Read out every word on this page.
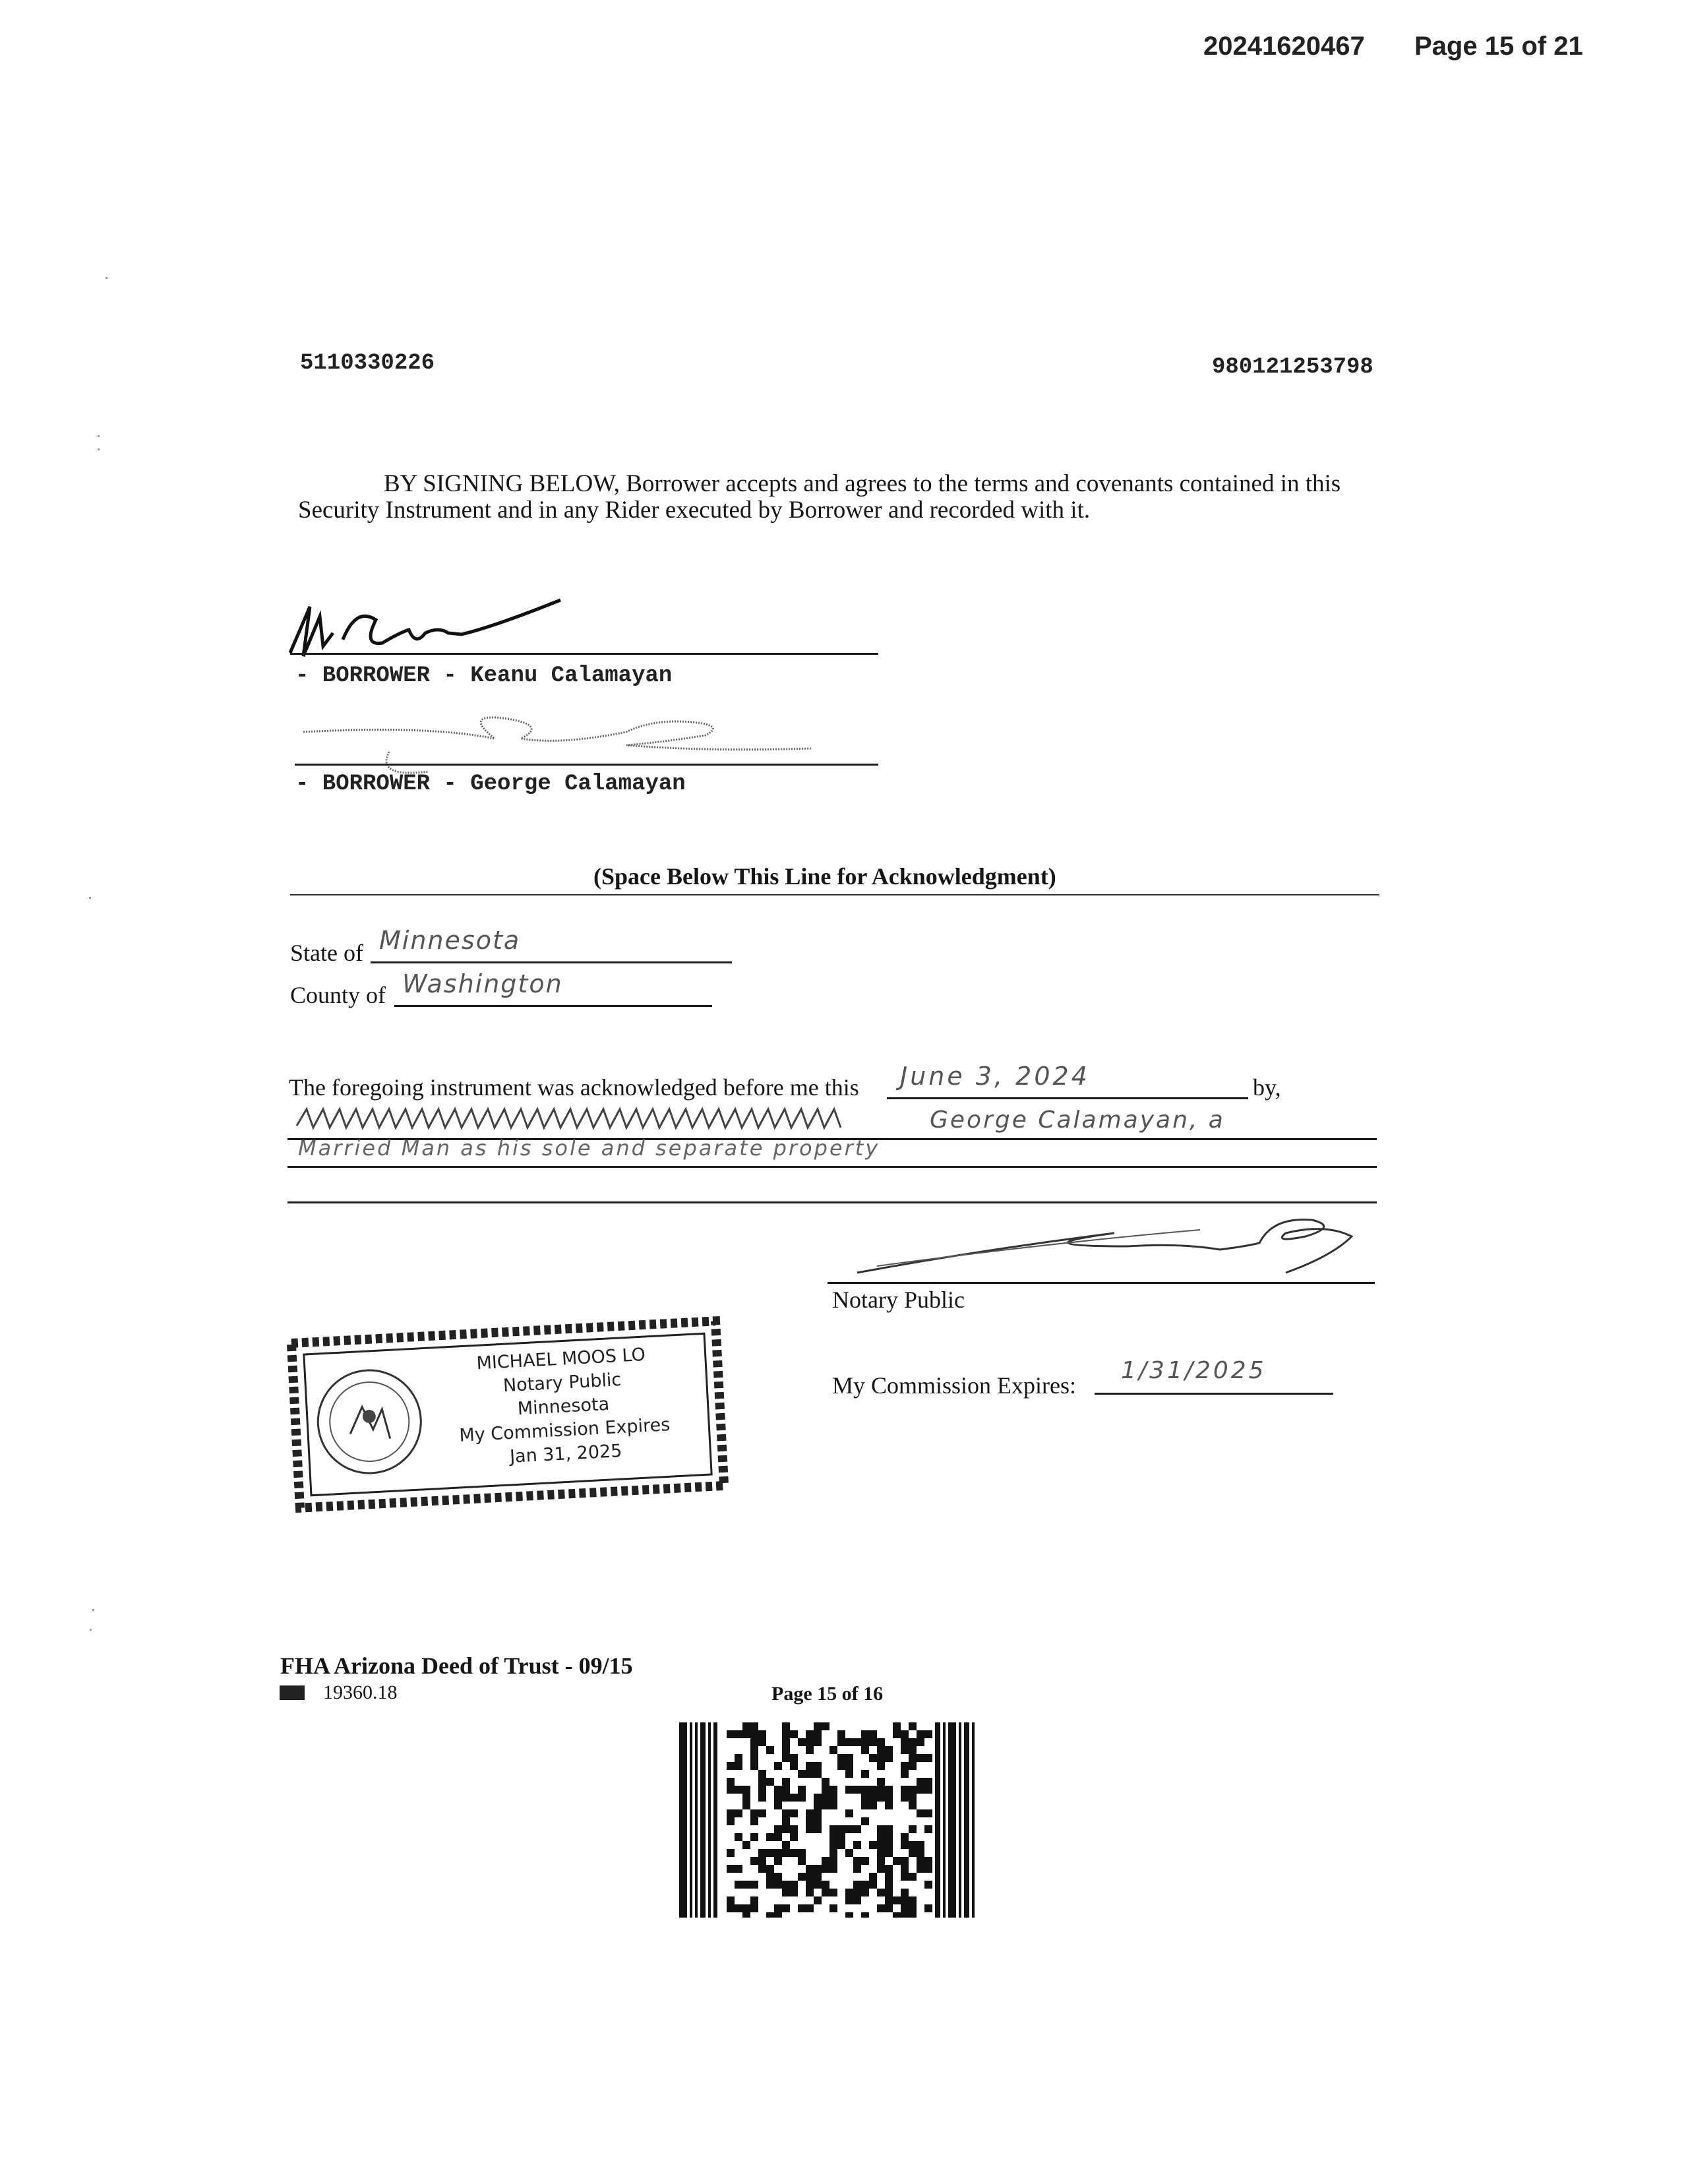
20241620467 Page 15 of 21
5110330226	980121253798
BY SIGNING BELOW, Borrower accepts and agrees to the terms and covenants contained in this
Security Instrument and in any Rider executed by Borrower and recorded with it.
- BORROWER - Keanu Calamayan
- BORROWER - George Calamayan
(Space Below This Line for Acknowledgment)
State of Minnesota
County of Washington
The foregoing instrument was acknowledged before me this June 3, 2024	by,
George Calamayan, a
Married Man as his sole and separate property
Notary Public
MICHAEL MOOS LO
Notary Public
Minnesota
My Commission Expires
Jan 31, 2025
My Commission Expires:
1/31/2025
FHA Arizona Deed of Trust - 09/15
19360.18	Page 15 of 16
